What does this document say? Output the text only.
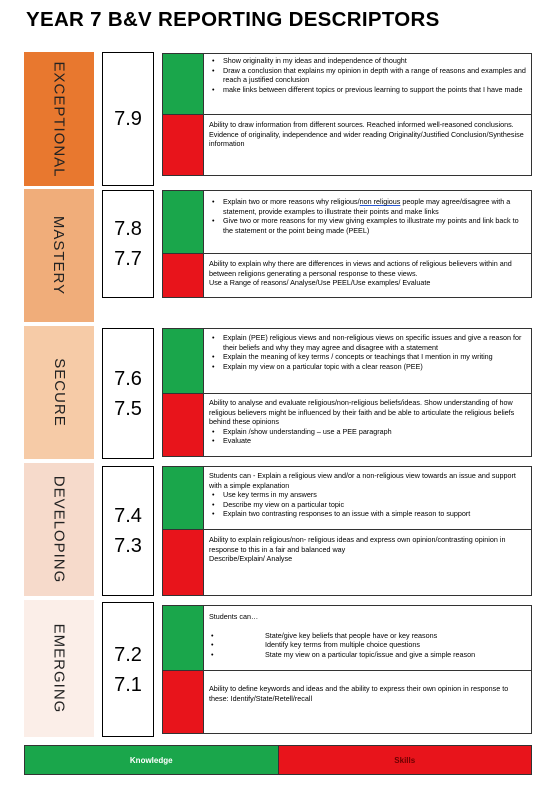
YEAR 7 B&V REPORTING DESCRIPTORS
EXCEPTIONAL 7.9
• Show originality in my ideas and independence of thought
• Draw a conclusion that explains my opinion in depth with a range of reasons and examples and reach a justified conclusion
• make links between different topics or previous learning to support the points that I have made

Ability to draw information from different sources. Reached informed well-reasoned conclusions. Evidence of originality, independence and wider reading Originality/Justified Conclusion/Synthesise information

MASTERY 7.8
7.7
• Explain two or more reasons why religious/non religious people may agree/disagree with a statement, provide examples to illustrate their points and make links
• Give two or more reasons for my view giving examples to illustrate my points and link back to the statement or the point being made (PEEL)

Ability to explain why there are differences in views and actions of religious believers within and between religions generating a personal response to these views.

Use a Range of reasons/ Analyse/Use PEEL/Use examples/ Evaluate

SECURE 7.6
7.5
• Explain (PEE) religious views and non-religious views on specific issues and give a reason for their beliefs and why they may agree and disagree with a statement
• Explain the meaning of key terms / concepts or teachings that I mention in my writing
• Explain my view on a particular topic with a clear reason (PEE)

Ability to analyse and evaluate religious/non-religious beliefs/ideas. Show understanding of how religious believers might be influenced by their faith and be able to articulate the religious beliefs behind these opinions

• Explain /show understanding – use a PEE paragraph
• Evaluate
DEVELOPING 7.4
7.3

Students can - Explain a religious view and/or a non-religious view towards an issue and support with a simple explanation

• Use key terms in my answers
• Describe my view on a particular topic
• Explain two contrasting responses to an issue with a simple reason to support

Ability to explain religious/non- religious ideas and express own opinion/contrasting opinion in response to this in a fair and balanced way

Describe/Explain/ Analyse

EMERGING 7.2
7.1

Students can…

• State/give key beliefs that people have or key reasons
• Identify key terms from multiple choice questions
• State my view on a particular topic/issue and give a simple reason

Ability to define keywords and ideas and the ability to express their own opinion in response to these: Identify/State/Retell/recall

Knowledge	Skills
